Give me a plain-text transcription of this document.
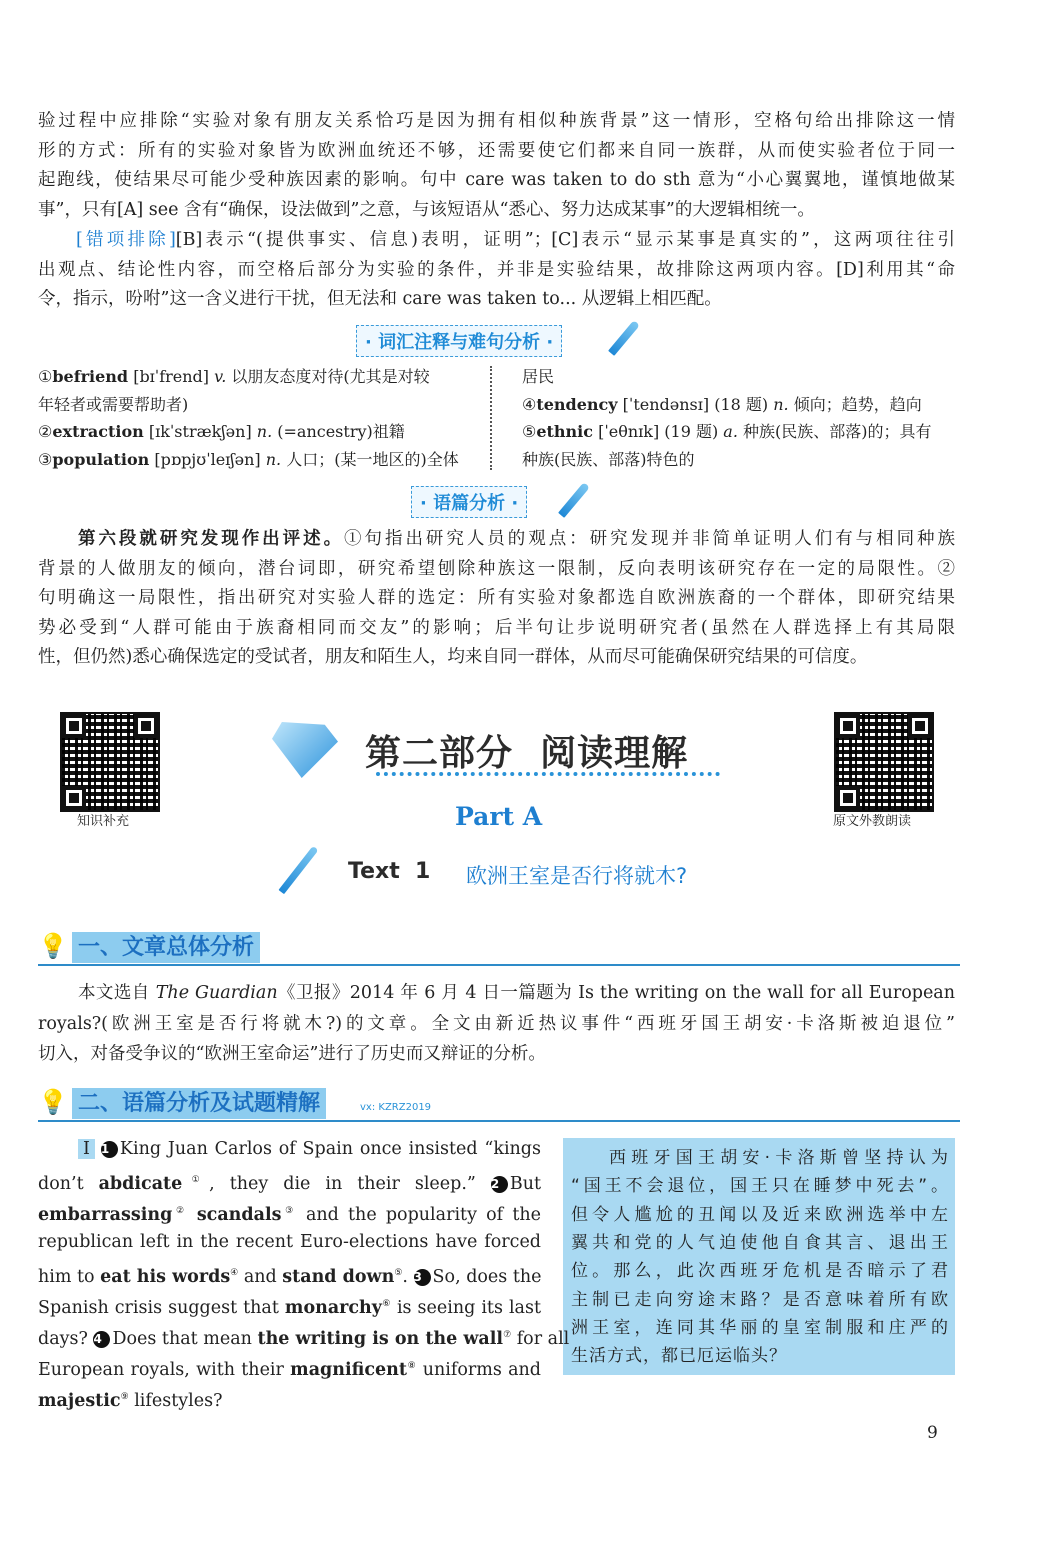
· 词汇注释与难句分析 ·
· 语篇分析 ·
知识补充	原文外教朗读
第二部分  阅读理解
Part A
Text  1 欧洲王室是否行将就木?
💡 一、文章总体分析
💡 二、语篇分析及试题精解	vx: KZRZ2019
西班牙国王胡安·卡洛斯曾坚持认为
“国王不会退位，国王只在睡梦中死去”。
但令人尴尬的丑闻以及近来欧洲选举中左
翼共和党的人气迫使他自食其言、退出王
位。那么，此次西班牙危机是否暗示了君
主制已走向穷途末路？是否意味着所有欧
洲王室，连同其华丽的皇室制服和庄严的
生活方式，都已厄运临头？
9
验过程中应排除“实验对象有朋友关系恰巧是因为拥有相似种族背景”这一情形，空格句给出排除这一情
形的方式：所有的实验对象皆为欧洲血统还不够，还需要使它们都来自同一族群，从而使实验者位于同一
起跑线，使结果尽可能少受种族因素的影响。句中 care was taken to do sth 意为“小心翼翼地，谨慎地做某
事”，只有[A] see 含有“确保，设法做到”之意，与该短语从“悉心、努力达成某事”的大逻辑相统一。
[错项排除][B]表示“(提供事实、信息)表明，证明”；[C]表示“显示某事是真实的”，这两项往往引
出观点、结论性内容，而空格后部分为实验的条件，并非是实验结果，故排除这两项内容。[D]利用其“命
令，指示，吩咐”这一含义进行干扰，但无法和 care was taken to... 从逻辑上相匹配。
①befriend [bɪˈfrend] v. 以朋友态度对待(尤其是对较
年轻者或需要帮助者)
②extraction [ɪkˈstrækʃən] n. (=ancestry)祖籍
③population [pɒpjʊˈleɪʃən] n. 人口；(某一地区的)全体
居民
④tendency [ˈtendənsɪ] (18 题) n. 倾向；趋势，趋向
⑤ethnic [ˈeθnɪk] (19 题) a. 种族(民族、部落)的；具有
种族(民族、部落)特色的
第六段就研究发现作出评述。①句指出研究人员的观点：研究发现并非简单证明人们有与相同种族
背景的人做朋友的倾向，潜台词即，研究希望刨除种族这一限制，反向表明该研究存在一定的局限性。②
句明确这一局限性，指出研究对实验人群的选定：所有实验对象都选自欧洲族裔的一个群体，即研究结果
势必受到“人群可能由于族裔相同而交友”的影响；后半句让步说明研究者(虽然在人群选择上有其局限
性，但仍然)悉心确保选定的受试者，朋友和陌生人，均来自同一群体，从而尽可能确保研究结果的可信度。
本文选自 The Guardian《卫报》2014 年 6 月 4 日一篇题为 Is the writing on the wall for all European
royals?(欧洲王室是否行将就木?)的文章。全文由新近热议事件“西班牙国王胡安·卡洛斯被迫退位”
切入，对备受争议的“欧洲王室命运”进行了历史而又辩证的分析。
I 1 King Juan Carlos of Spain once insisted “kings
don’t abdicate①, they die in their sleep.” 2 But
embarrassing② scandals③ and the popularity of the
republican left in the recent Euro-elections have forced
him to eat his words④ and stand down⑤. 3 So, does the
Spanish crisis suggest that monarchy⑥ is seeing its last
days? 4 Does that mean the writing is on the wall⑦ for all
European royals, with their magnificent⑧ uniforms and
majestic⑨ lifestyles?
